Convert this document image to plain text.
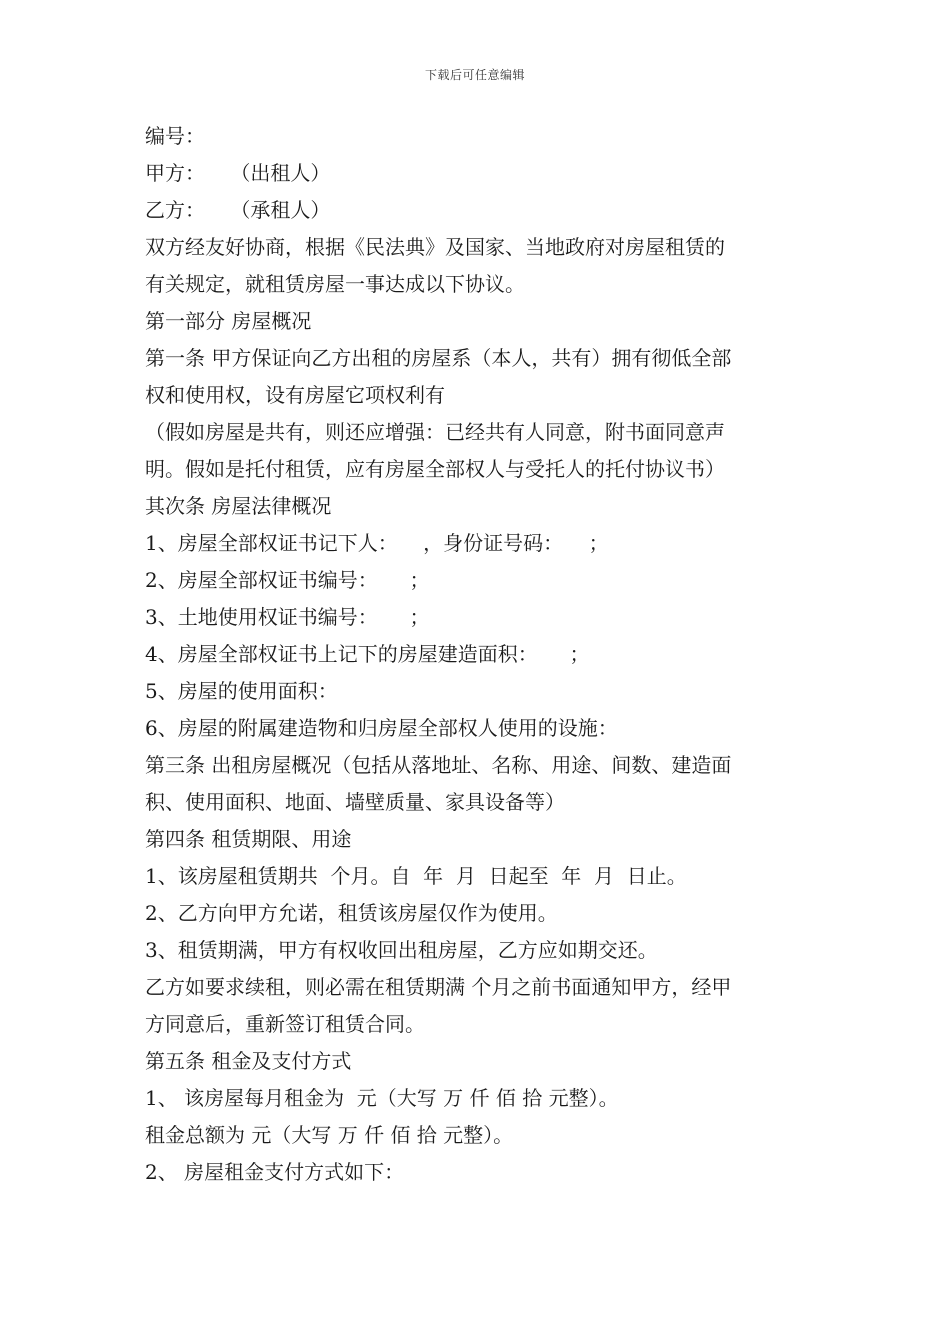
下载后可任意编辑

编号：

甲方：    （出租人）

乙方：    （承租人）

双方经友好协商，根据《民法典》及国家、当地政府对房屋租赁的

有关规定，就租赁房屋一事达成以下协议。

第一部分 房屋概况

第一条 甲方保证向乙方出租的房屋系（本人，共有）拥有彻低全部

权和使用权，设有房屋它项权利有

（假如房屋是共有，则还应增强：已经共有人同意，附书面同意声

明。假如是托付租赁，应有房屋全部权人与受托人的托付协议书）

其次条 房屋法律概况

1、房屋全部权证书记下人：    ，身份证号码：    ；

2、房屋全部权证书编号：     ；

3、土地使用权证书编号：     ；

4、房屋全部权证书上记下的房屋建造面积：     ；

5、房屋的使用面积：

6、房屋的附属建造物和归房屋全部权人使用的设施：

第三条 出租房屋概况（包括从落地址、名称、用途、间数、建造面

积、使用面积、地面、墙壁质量、家具设备等）

第四条 租赁期限、用途

1、该房屋租赁期共  个月。自  年  月  日起至  年  月  日止。

2、乙方向甲方允诺，租赁该房屋仅作为使用。

3、租赁期满，甲方有权收回出租房屋，乙方应如期交还。

乙方如要求续租，则必需在租赁期满 个月之前书面通知甲方，经甲

方同意后，重新签订租赁合同。

第五条 租金及支付方式

1、 该房屋每月租金为  元（大写 万 仟 佰 拾 元整）。

租金总额为 元（大写 万 仟 佰 拾 元整）。

2、 房屋租金支付方式如下：
